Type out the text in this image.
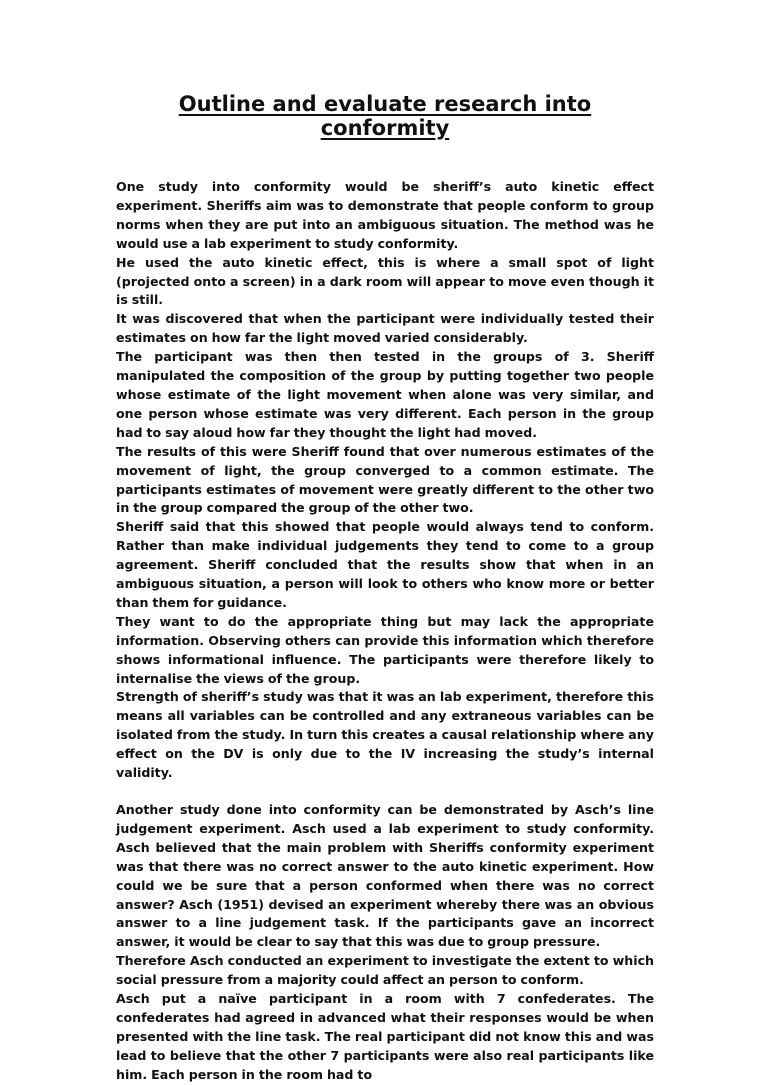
Outline and evaluate research into conformity

One study into conformity would be sheriff’s auto kinetic effect experiment. Sheriffs aim was to demonstrate that people conform to group norms when they are put into an ambiguous situation. The method was he would use a lab experiment to study conformity.

He used the auto kinetic effect, this is where a small spot of light (projected onto a screen) in a dark room will appear to move even though it is still.

It was discovered that when the participant were individually tested their estimates on how far the light moved varied considerably.

The participant was then then tested in the groups of 3. Sheriff manipulated the composition of the group by putting together two people whose estimate of the light movement when alone was very similar, and one person whose estimate was very different. Each person in the group had to say aloud how far they thought the light had moved.

The results of this were Sheriff found that over numerous estimates of the movement of light, the group converged to a common estimate. The participants estimates of movement were greatly different to the other two in the group compared the group of the other two.

Sheriff said that this showed that people would always tend to conform. Rather than make individual judgements they tend to come to a group agreement. Sheriff concluded that the results show that when in an ambiguous situation, a person will look to others who know more or better than them for guidance.

They want to do the appropriate thing but may lack the appropriate information. Observing others can provide this information which therefore shows informational influence. The participants were therefore likely to internalise the views of the group.

Strength of sheriff’s study was that it was an lab experiment, therefore this means all variables can be controlled and any extraneous variables can be isolated from the study. In turn this creates a causal relationship where any effect on the DV is only due to the IV increasing the study’s internal validity.

Another study done into conformity can be demonstrated by Asch’s line judgement experiment. Asch used a lab experiment to study conformity. Asch believed that the main problem with Sheriffs conformity experiment was that there was no correct answer to the auto kinetic experiment. How could we be sure that a person conformed when there was no correct answer? Asch (1951) devised an experiment whereby there was an obvious answer to a line judgement task. If the participants gave an incorrect answer, it would be clear to say that this was due to group pressure.

Therefore Asch conducted an experiment to investigate the extent to which social pressure from a majority could affect an person to conform.

Asch put a naïve participant in a room with 7 confederates. The confederates had agreed in advanced what their responses would be when presented with the line task. The real participant did not know this and was lead to believe that the other 7 participants were also real participants like him. Each person in the room had to
